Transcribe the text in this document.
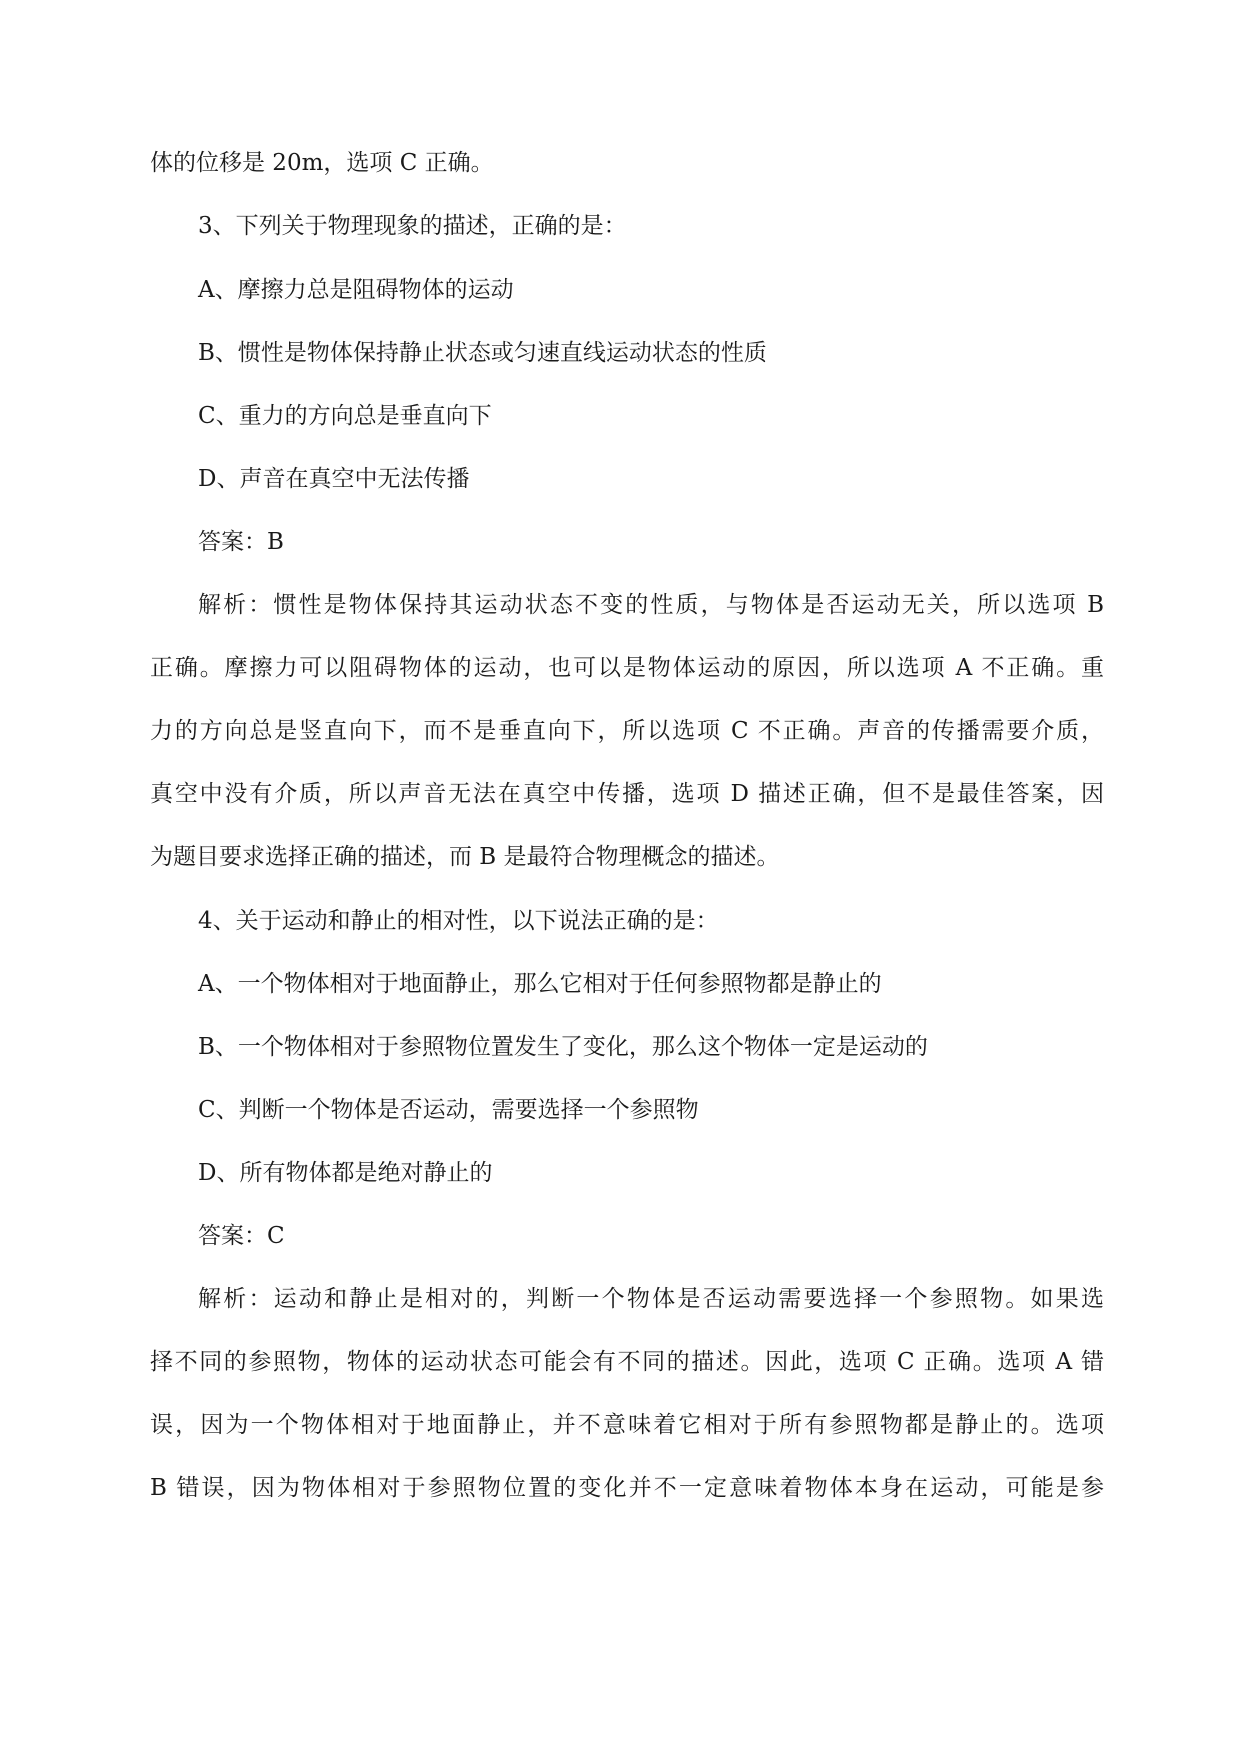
体的位移是 20m，选项 C 正确。
3、下列关于物理现象的描述，正确的是：
A、摩擦力总是阻碍物体的运动
B、惯性是物体保持静止状态或匀速直线运动状态的性质
C、重力的方向总是垂直向下
D、声音在真空中无法传播
答案：B
解析：惯性是物体保持其运动状态不变的性质，与物体是否运动无关，所以选项 B
正确。摩擦力可以阻碍物体的运动，也可以是物体运动的原因，所以选项 A 不正确。重
力的方向总是竖直向下，而不是垂直向下，所以选项 C 不正确。声音的传播需要介质，
真空中没有介质，所以声音无法在真空中传播，选项 D 描述正确，但不是最佳答案，因
为题目要求选择正确的描述，而 B 是最符合物理概念的描述。
4、关于运动和静止的相对性，以下说法正确的是：
A、一个物体相对于地面静止，那么它相对于任何参照物都是静止的
B、一个物体相对于参照物位置发生了变化，那么这个物体一定是运动的
C、判断一个物体是否运动，需要选择一个参照物
D、所有物体都是绝对静止的
答案：C
解析：运动和静止是相对的，判断一个物体是否运动需要选择一个参照物。如果选
择不同的参照物，物体的运动状态可能会有不同的描述。因此，选项 C 正确。选项 A 错
误，因为一个物体相对于地面静止，并不意味着它相对于所有参照物都是静止的。选项
B 错误，因为物体相对于参照物位置的变化并不一定意味着物体本身在运动，可能是参
